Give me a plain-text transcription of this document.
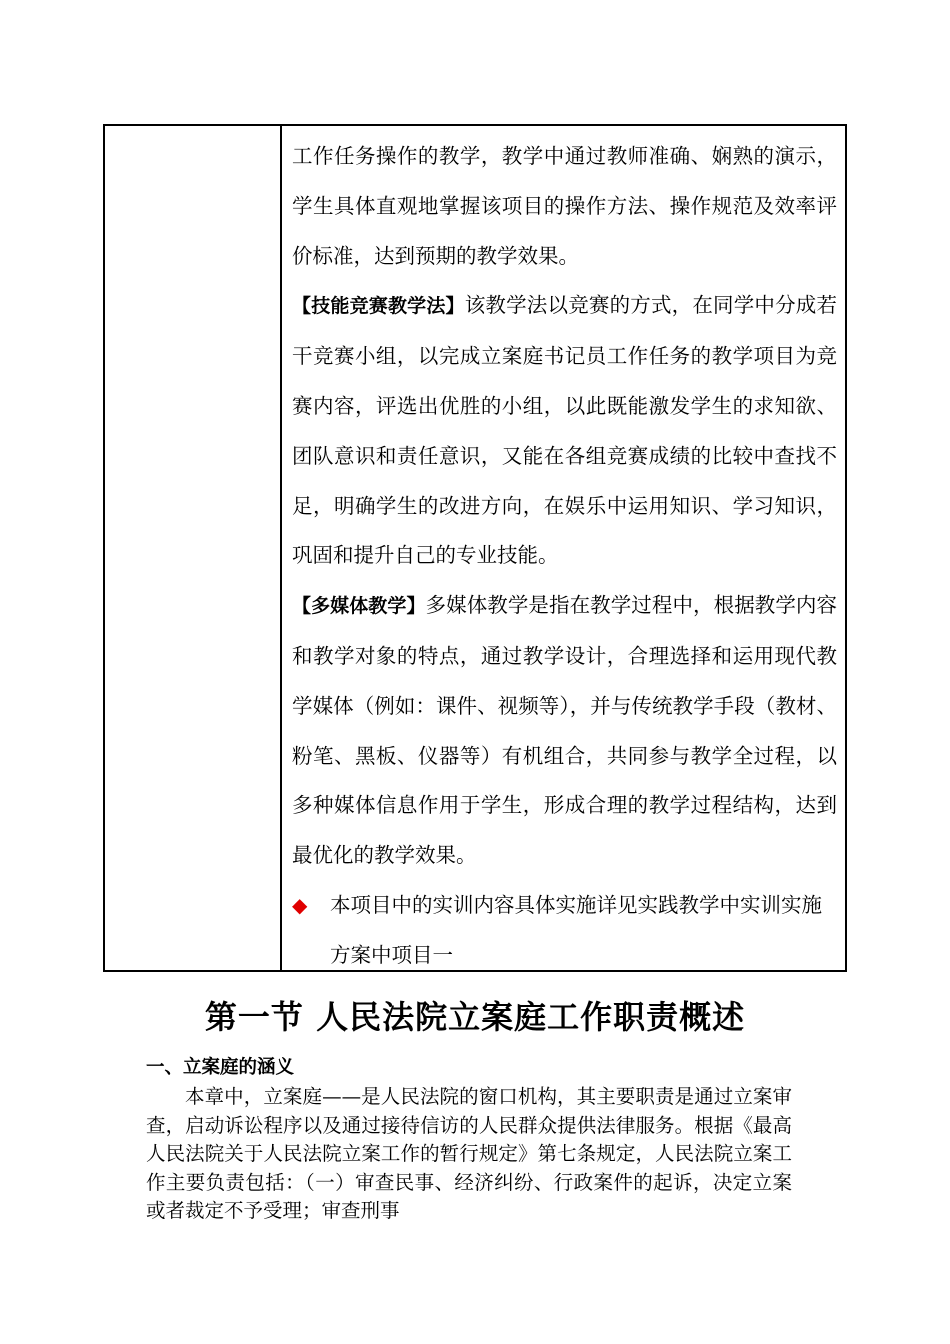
工作任务操作的教学，教学中通过教师准确、娴熟的演示，学生具体直观地掌握该项目的操作方法、操作规范及效率评价标准，达到预期的教学效果。

【技能竞赛教学法】该教学法以竞赛的方式，在同学中分成若干竞赛小组，以完成立案庭书记员工作任务的教学项目为竞赛内容，评选出优胜的小组，以此既能激发学生的求知欲、团队意识和责任意识，又能在各组竞赛成绩的比较中查找不足，明确学生的改进方向，在娱乐中运用知识、学习知识，巩固和提升自己的专业技能。

【多媒体教学】多媒体教学是指在教学过程中，根据教学内容和教学对象的特点，通过教学设计，合理选择和运用现代教学媒体（例如：课件、视频等），并与传统教学手段（教材、粉笔、黑板、仪器等）有机组合，共同参与教学全过程，以多种媒体信息作用于学生，形成合理的教学过程结构，达到最优化的教学效果。

◆	本项目中的实训内容具体实施详见实践教学中实训实施方案中项目一
第一节 人民法院立案庭工作职责概述
一、立案庭的涵义

本章中，立案庭——是人民法院的窗口机构，其主要职责是通过立案审查，启动诉讼程序以及通过接待信访的人民群众提供法律服务。根据《最高人民法院关于人民法院立案工作的暂行规定》第七条规定，人民法院立案工作主要负责包括：（一）审查民事、经济纠纷、行政案件的起诉，决定立案或者裁定不予受理；审查刑事
